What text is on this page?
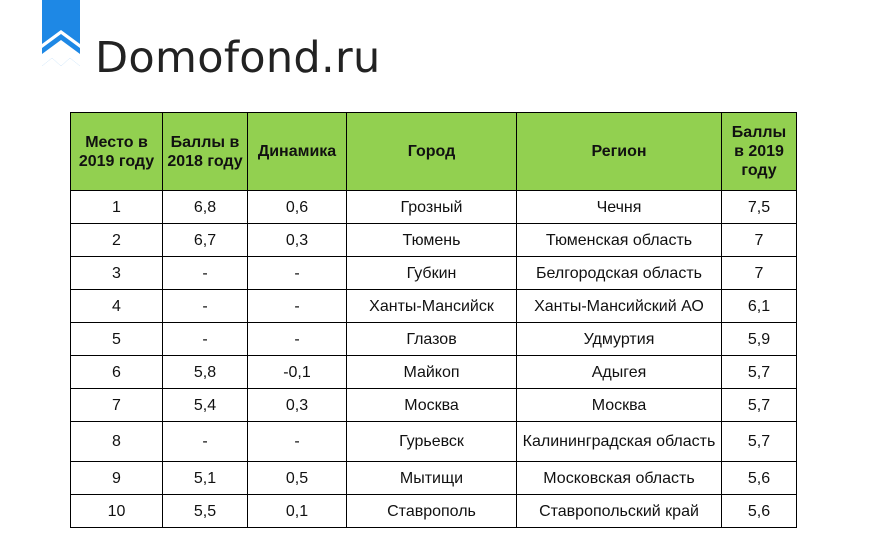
Domofond.ru
Место в 2019 году	Баллы в 2018 году	Динамика	Город	Регион	Баллы в 2019 году
1	6,8	0,6	Грозный	Чечня	7,5
2	6,7	0,3	Тюмень	Тюменская область	7
3	-	-	Губкин	Белгородская область	7
4	-	-	Ханты-Мансийск	Ханты-Мансийский АО	6,1
5	-	-	Глазов	Удмуртия	5,9
6	5,8	-0,1	Майкоп	Адыгея	5,7
7	5,4	0,3	Москва	Москва	5,7
8	-	-	Гурьевск	Калининградская область	5,7
9	5,1	0,5	Мытищи	Московская область	5,6
10	5,5	0,1	Ставрополь	Ставропольский край	5,6
